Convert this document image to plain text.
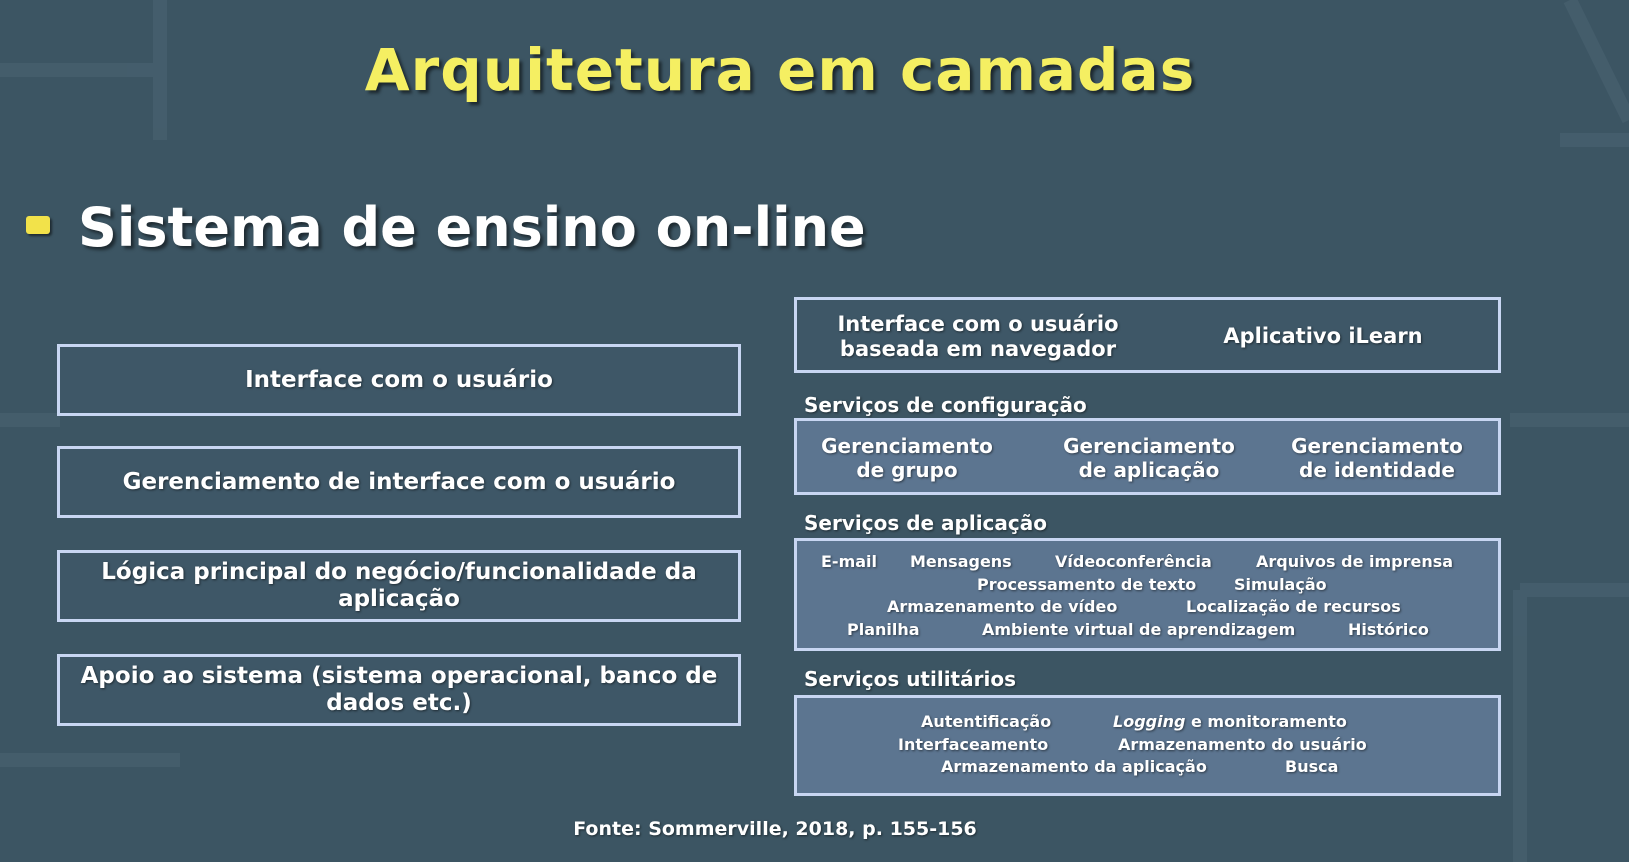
Arquitetura em camadas
Sistema de ensino on-line
Interface com o usuário
Gerenciamento de interface com o usuário
Lógica principal do negócio/funcionalidade da aplicação
Apoio ao sistema (sistema operacional, banco de dados etc.)
Interface com o usuário
baseada em navegador
Aplicativo iLearn
Serviços de configuração
Gerenciamento
de grupo
Gerenciamento
de aplicação
Gerenciamento
de identidade
Serviços de aplicação
E-mail Mensagens	Vídeoconferência	Arquivos de imprensa
Processamento de texto Simulação
Armazenamento de vídeo	Localização de recursos
Planilha	Ambiente virtual de aprendizagem	Histórico
Serviços utilitários
Autentificação	Logging e monitoramento
Interfaceamento	Armazenamento do usuário
Armazenamento da aplicação	Busca
Fonte: Sommerville, 2018, p. 155-156
